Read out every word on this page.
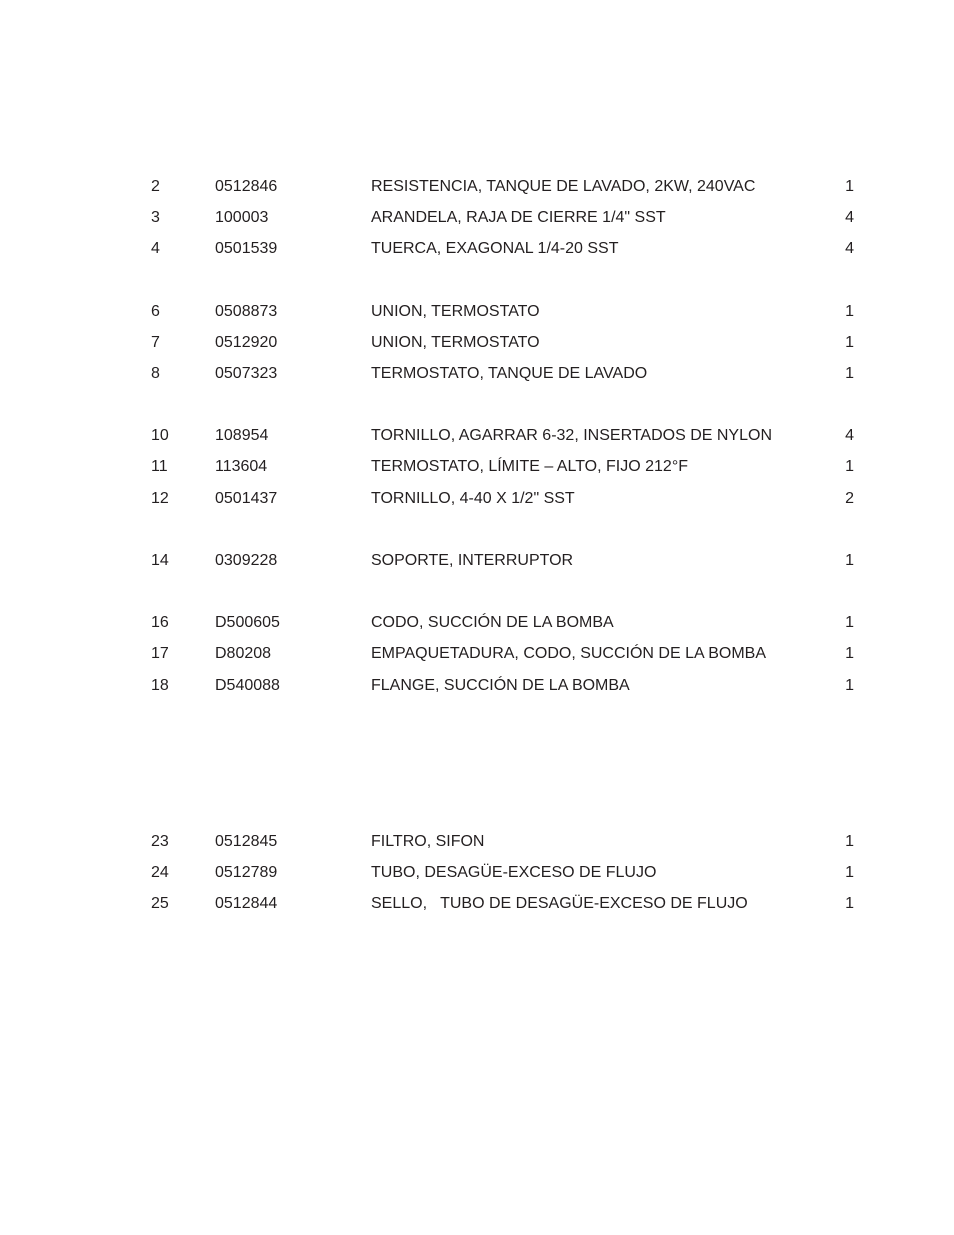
2	0512846	RESISTENCIA, TANQUE DE LAVADO, 2KW, 240VAC	1
3	100003	ARANDELA, RAJA DE CIERRE 1/4" SST	4
4	0501539	TUERCA, EXAGONAL 1/4-20 SST	4
6	0508873	UNION, TERMOSTATO	1
7	0512920	UNION, TERMOSTATO	1
8	0507323	TERMOSTATO, TANQUE DE LAVADO	1
10	108954	TORNILLO, AGARRAR 6-32, INSERTADOS DE NYLON	4
11	113604	TERMOSTATO, LÍMITE – ALTO, FIJO 212°F	1
12	0501437	TORNILLO, 4-40 X 1/2" SST	2
14	0309228	SOPORTE, INTERRUPTOR	1
16	D500605	CODO, SUCCIÓN DE LA BOMBA	1
17	D80208	EMPAQUETADURA, CODO, SUCCIÓN DE LA BOMBA	1
18	D540088	FLANGE, SUCCIÓN DE LA BOMBA	1
23	0512845	FILTRO, SIFON	1
24	0512789	TUBO, DESAGÜE-EXCESO DE FLUJO	1
25	0512844	SELLO,   TUBO DE DESAGÜE-EXCESO DE FLUJO	1
